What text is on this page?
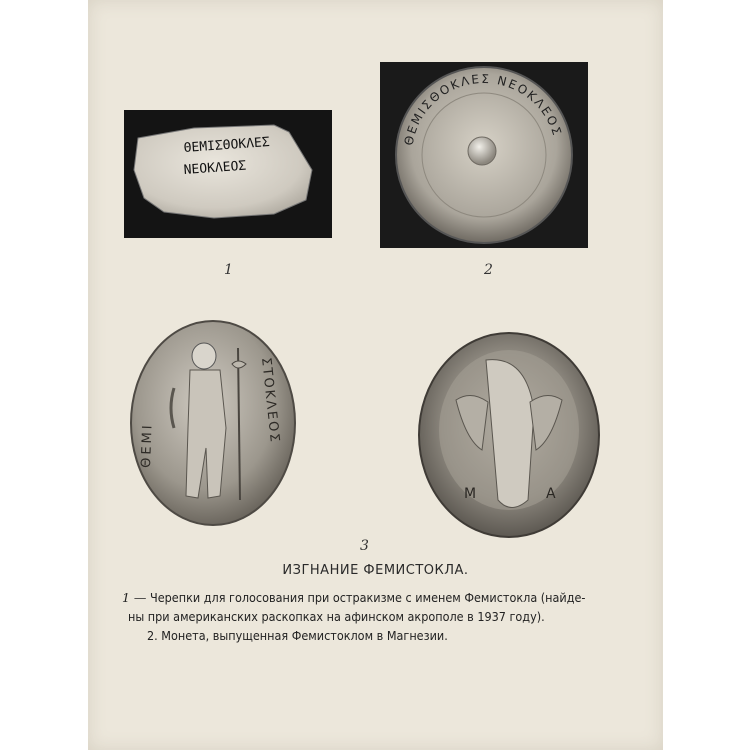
ΘΕΜΙΣΘΟΚΛΕΣ
ΝΕΟΚΛΕΟΣ
1
ΘΕΜΙΣΘΟΚΛΕΣ ΝΕΟΚΛΕΟΣ
2
ΘΕΜΙ
ΣΤΟΚΛΕΟΣ
Μ	Α
3
ИЗГНАНИЕ ФЕМИСТОКЛА.
1 — Черепки для голосования при остракизме с именем Фемистокла (найде-
ны при американских раскопках на афинском акрополе в 1937 году).
2. Монета, выпущенная Фемистоклом в Магнезии.
